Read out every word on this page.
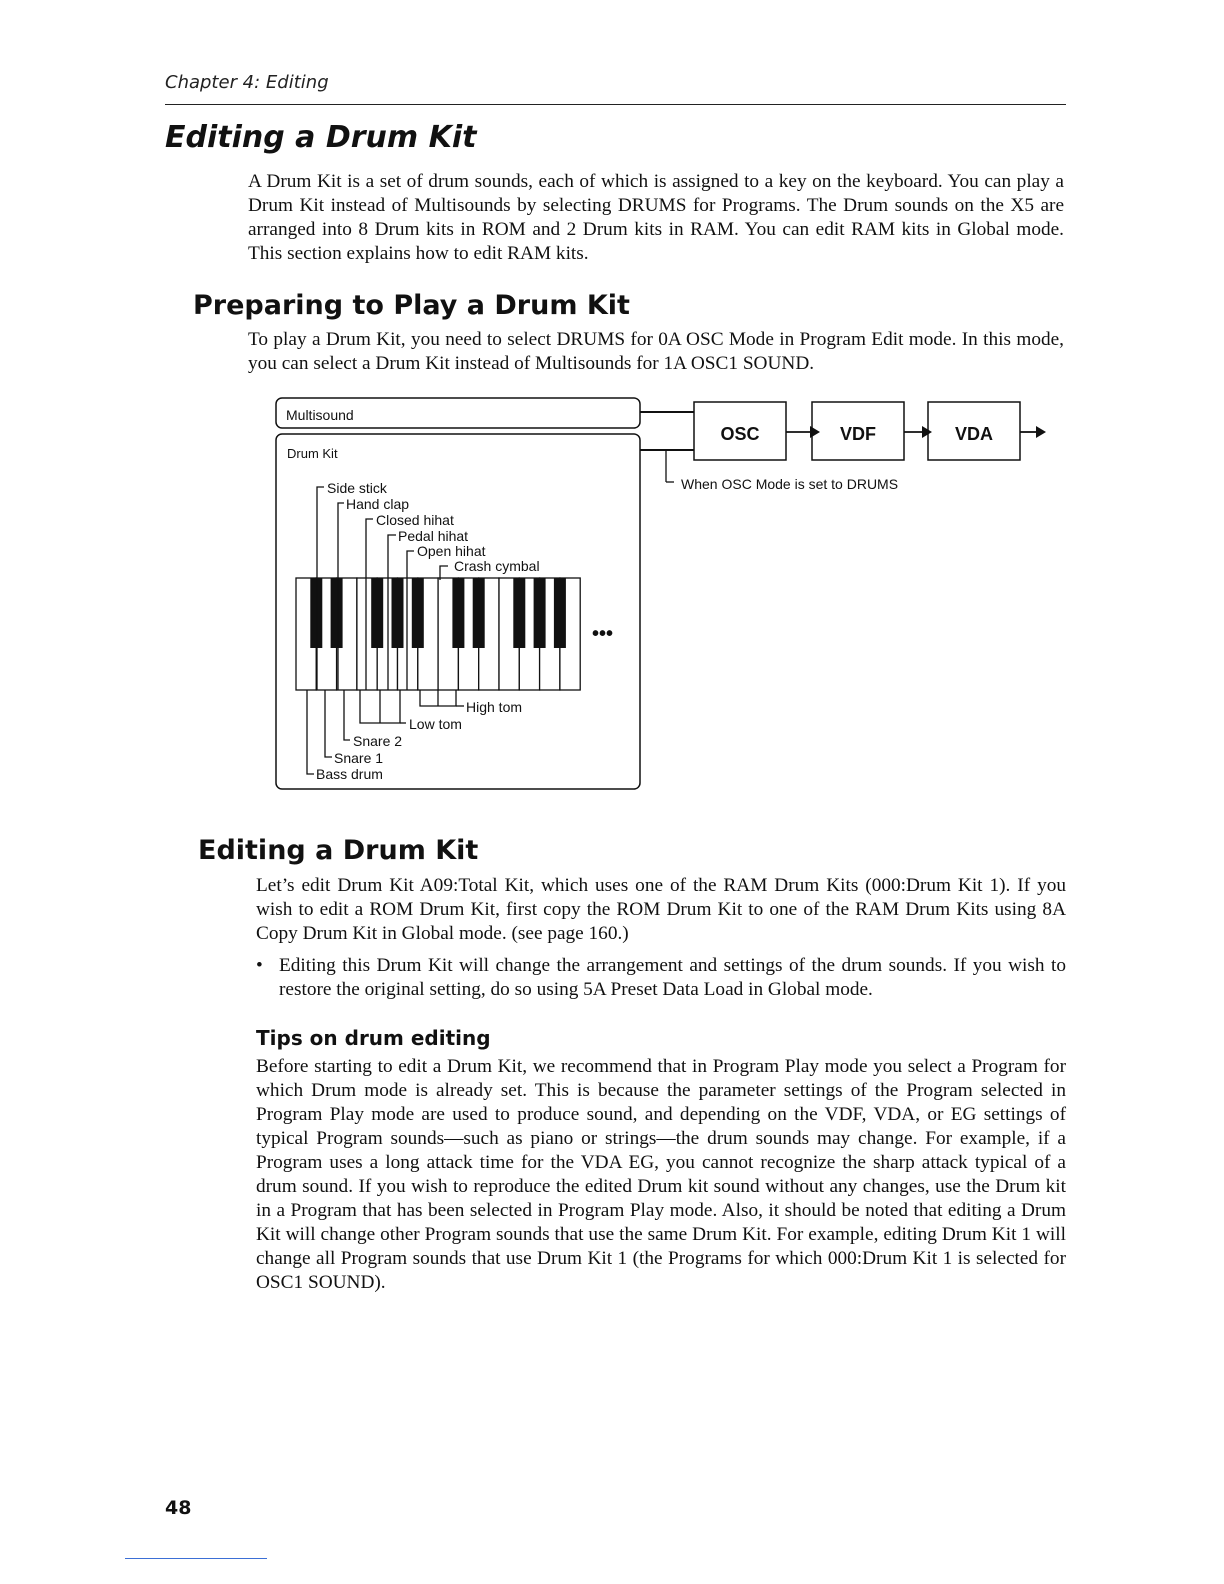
Chapter 4: Editing
Editing a Drum Kit

A Drum Kit is a set of drum sounds, each of which is assigned to a key on the keyboard. You can play a Drum Kit instead of Multisounds by selecting DRUMS for Programs. The Drum sounds on the X5 are arranged into 8 Drum kits in ROM and 2 Drum kits in RAM. You can edit RAM kits in Global mode. This section explains how to edit RAM kits.

Preparing to Play a Drum Kit

To play a Drum Kit, you need to select DRUMS for 0A OSC Mode in Program Edit mode. In this mode, you can select a Drum Kit instead of Multisounds for 1A OSC1 SOUND.

Multisound
Drum Kit
OSC	VDF	VDA
When OSC Mode is set to DRUMS
•••
Side stick
Hand clap
Closed hihat
Pedal hihat
Open hihat
Crash cymbal
High tom
Low tom
Snare 2
Snare 1
Bass drum
Editing a Drum Kit

Let’s edit Drum Kit A09:Total Kit, which uses one of the RAM Drum Kits (000:Drum Kit 1). If you wish to edit a ROM Drum Kit, first copy the ROM Drum Kit to one of the RAM Drum Kits using 8A Copy Drum Kit in Global mode. (see page 160.)

• Editing this Drum Kit will change the arrangement and settings of the drum sounds. If you wish to restore the original setting, do so using 5A Preset Data Load in Global mode.

Tips on drum editing

Before starting to edit a Drum Kit, we recommend that in Program Play mode you select a Program for which Drum mode is already set. This is because the parameter settings of the Program selected in Program Play mode are used to produce sound, and depending on the VDF, VDA, or EG settings of typical Program sounds—such as piano or strings—the drum sounds may change. For example, if a Program uses a long attack time for the VDA EG, you cannot recognize the sharp attack typical of a drum sound. If you wish to reproduce the edited Drum kit sound without any changes, use the Drum kit in a Program that has been selected in Program Play mode. Also, it should be noted that editing a Drum Kit will change other Program sounds that use the same Drum Kit. For example, editing Drum Kit 1 will change all Program sounds that use Drum Kit 1 (the Programs for which 000:Drum Kit 1 is selected for OSC1 SOUND).

48
